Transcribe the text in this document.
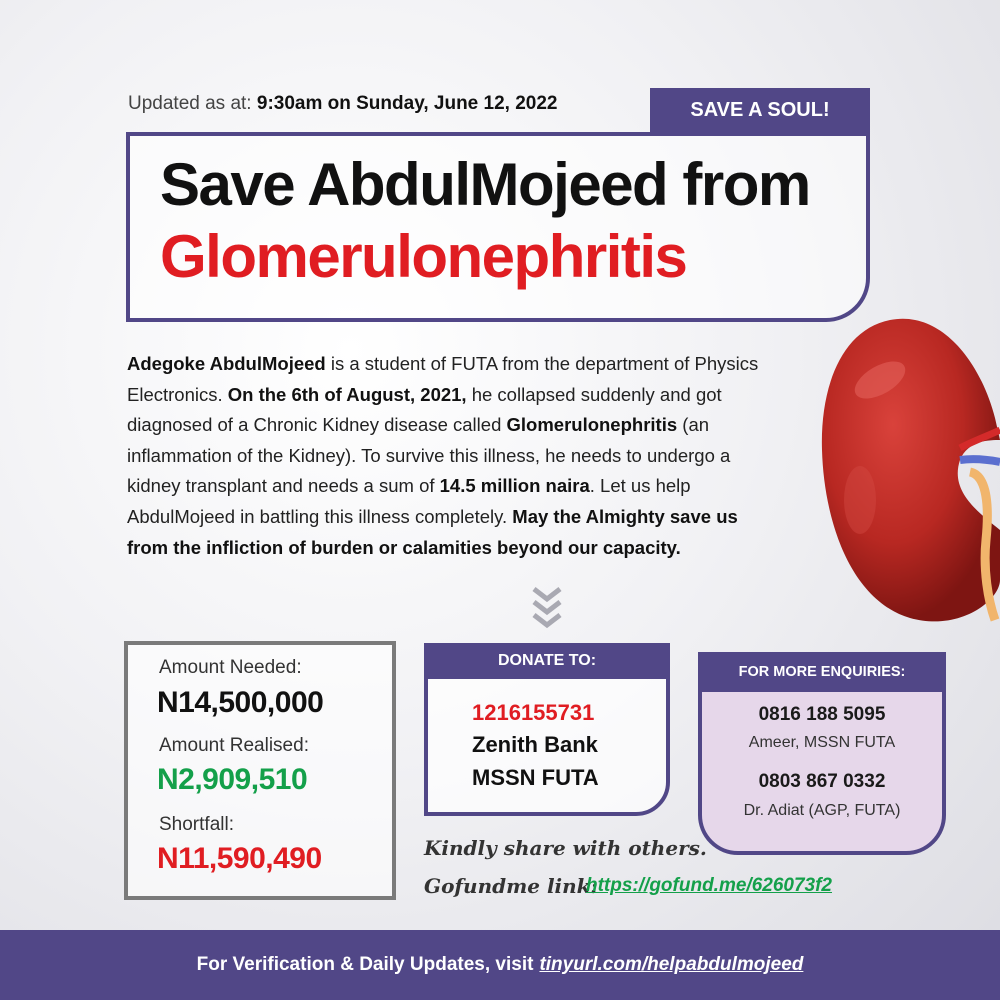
Updated as at: 9:30am on Sunday, June 12, 2022	SAVE A SOUL!
Save AbdulMojeed from
Glomerulonephritis
Adegoke AbdulMojeed is a student of FUTA from the department of Physics Electronics. On the 6th of August, 2021, he collapsed suddenly and got diagnosed of a Chronic Kidney disease called Glomerulonephritis (an inflammation of the Kidney). To survive this illness, he needs to undergo a kidney transplant and needs a sum of 14.5 million naira. Let us help AbdulMojeed in battling this illness completely. May the Almighty save us from the infliction of burden or calamities beyond our capacity.
Amount Needed:
N14,500,000
Amount Realised:
N2,909,510
Shortfall:
N11,590,490
DONATE TO:
1216155731
Zenith Bank
MSSN FUTA
FOR MORE ENQUIRIES:
0816 188 5095
Ameer, MSSN FUTA
0803 867 0332
Dr. Adiat (AGP, FUTA)
Kindly share with others.
Gofundme link:
https://gofund.me/626073f2
For Verification & Daily Updates, visit tinyurl.com/helpabdulmojeed
